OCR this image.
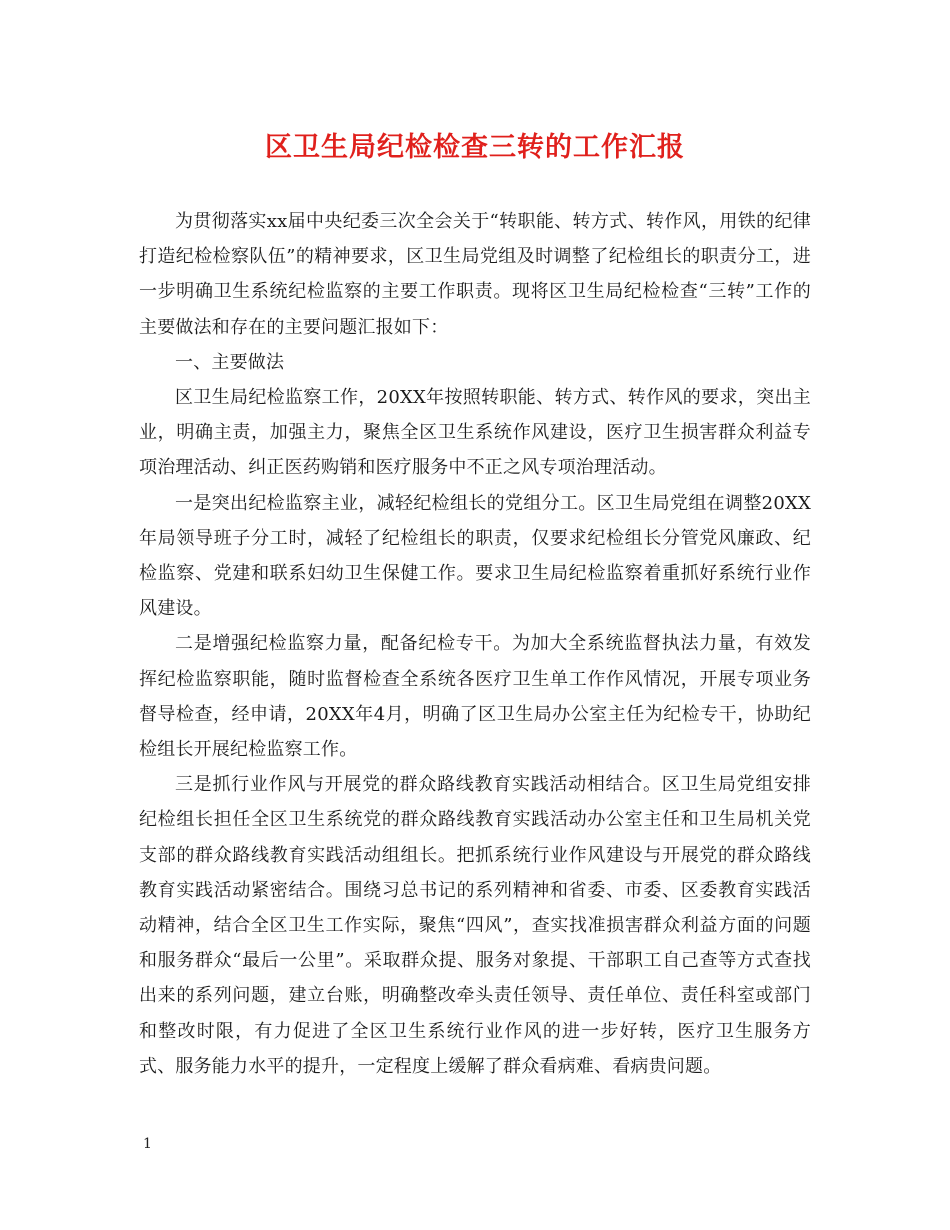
区卫生局纪检检查三转的工作汇报

为贯彻落实xx届中央纪委三次全会关于“转职能、转方式、转作风，用铁的纪律打造纪检检察队伍”的精神要求，区卫生局党组及时调整了纪检组长的职责分工，进一步明确卫生系统纪检监察的主要工作职责。现将区卫生局纪检检查“三转”工作的主要做法和存在的主要问题汇报如下：

一、主要做法

区卫生局纪检监察工作，20XX年按照转职能、转方式、转作风的要求，突出主业，明确主责，加强主力，聚焦全区卫生系统作风建设，医疗卫生损害群众利益专项治理活动、纠正医药购销和医疗服务中不正之风专项治理活动。

一是突出纪检监察主业，减轻纪检组长的党组分工。区卫生局党组在调整20XX年局领导班子分工时，减轻了纪检组长的职责，仅要求纪检组长分管党风廉政、纪检监察、党建和联系妇幼卫生保健工作。要求卫生局纪检监察着重抓好系统行业作风建设。

二是增强纪检监察力量，配备纪检专干。为加大全系统监督执法力量，有效发挥纪检监察职能，随时监督检查全系统各医疗卫生单工作作风情况，开展专项业务督导检查，经申请，20XX年4月，明确了区卫生局办公室主任为纪检专干，协助纪检组长开展纪检监察工作。

三是抓行业作风与开展党的群众路线教育实践活动相结合。区卫生局党组安排纪检组长担任全区卫生系统党的群众路线教育实践活动办公室主任和卫生局机关党支部的群众路线教育实践活动组组长。把抓系统行业作风建设与开展党的群众路线教育实践活动紧密结合。围绕习总书记的系列精神和省委、市委、区委教育实践活动精神，结合全区卫生工作实际，聚焦“四风”，查实找准损害群众利益方面的问题和服务群众“最后一公里”。采取群众提、服务对象提、干部职工自己查等方式查找出来的系列问题，建立台账，明确整改牵头责任领导、责任单位、责任科室或部门和整改时限，有力促进了全区卫生系统行业作风的进一步好转，医疗卫生服务方式、服务能力水平的提升，一定程度上缓解了群众看病难、看病贵问题。

1
